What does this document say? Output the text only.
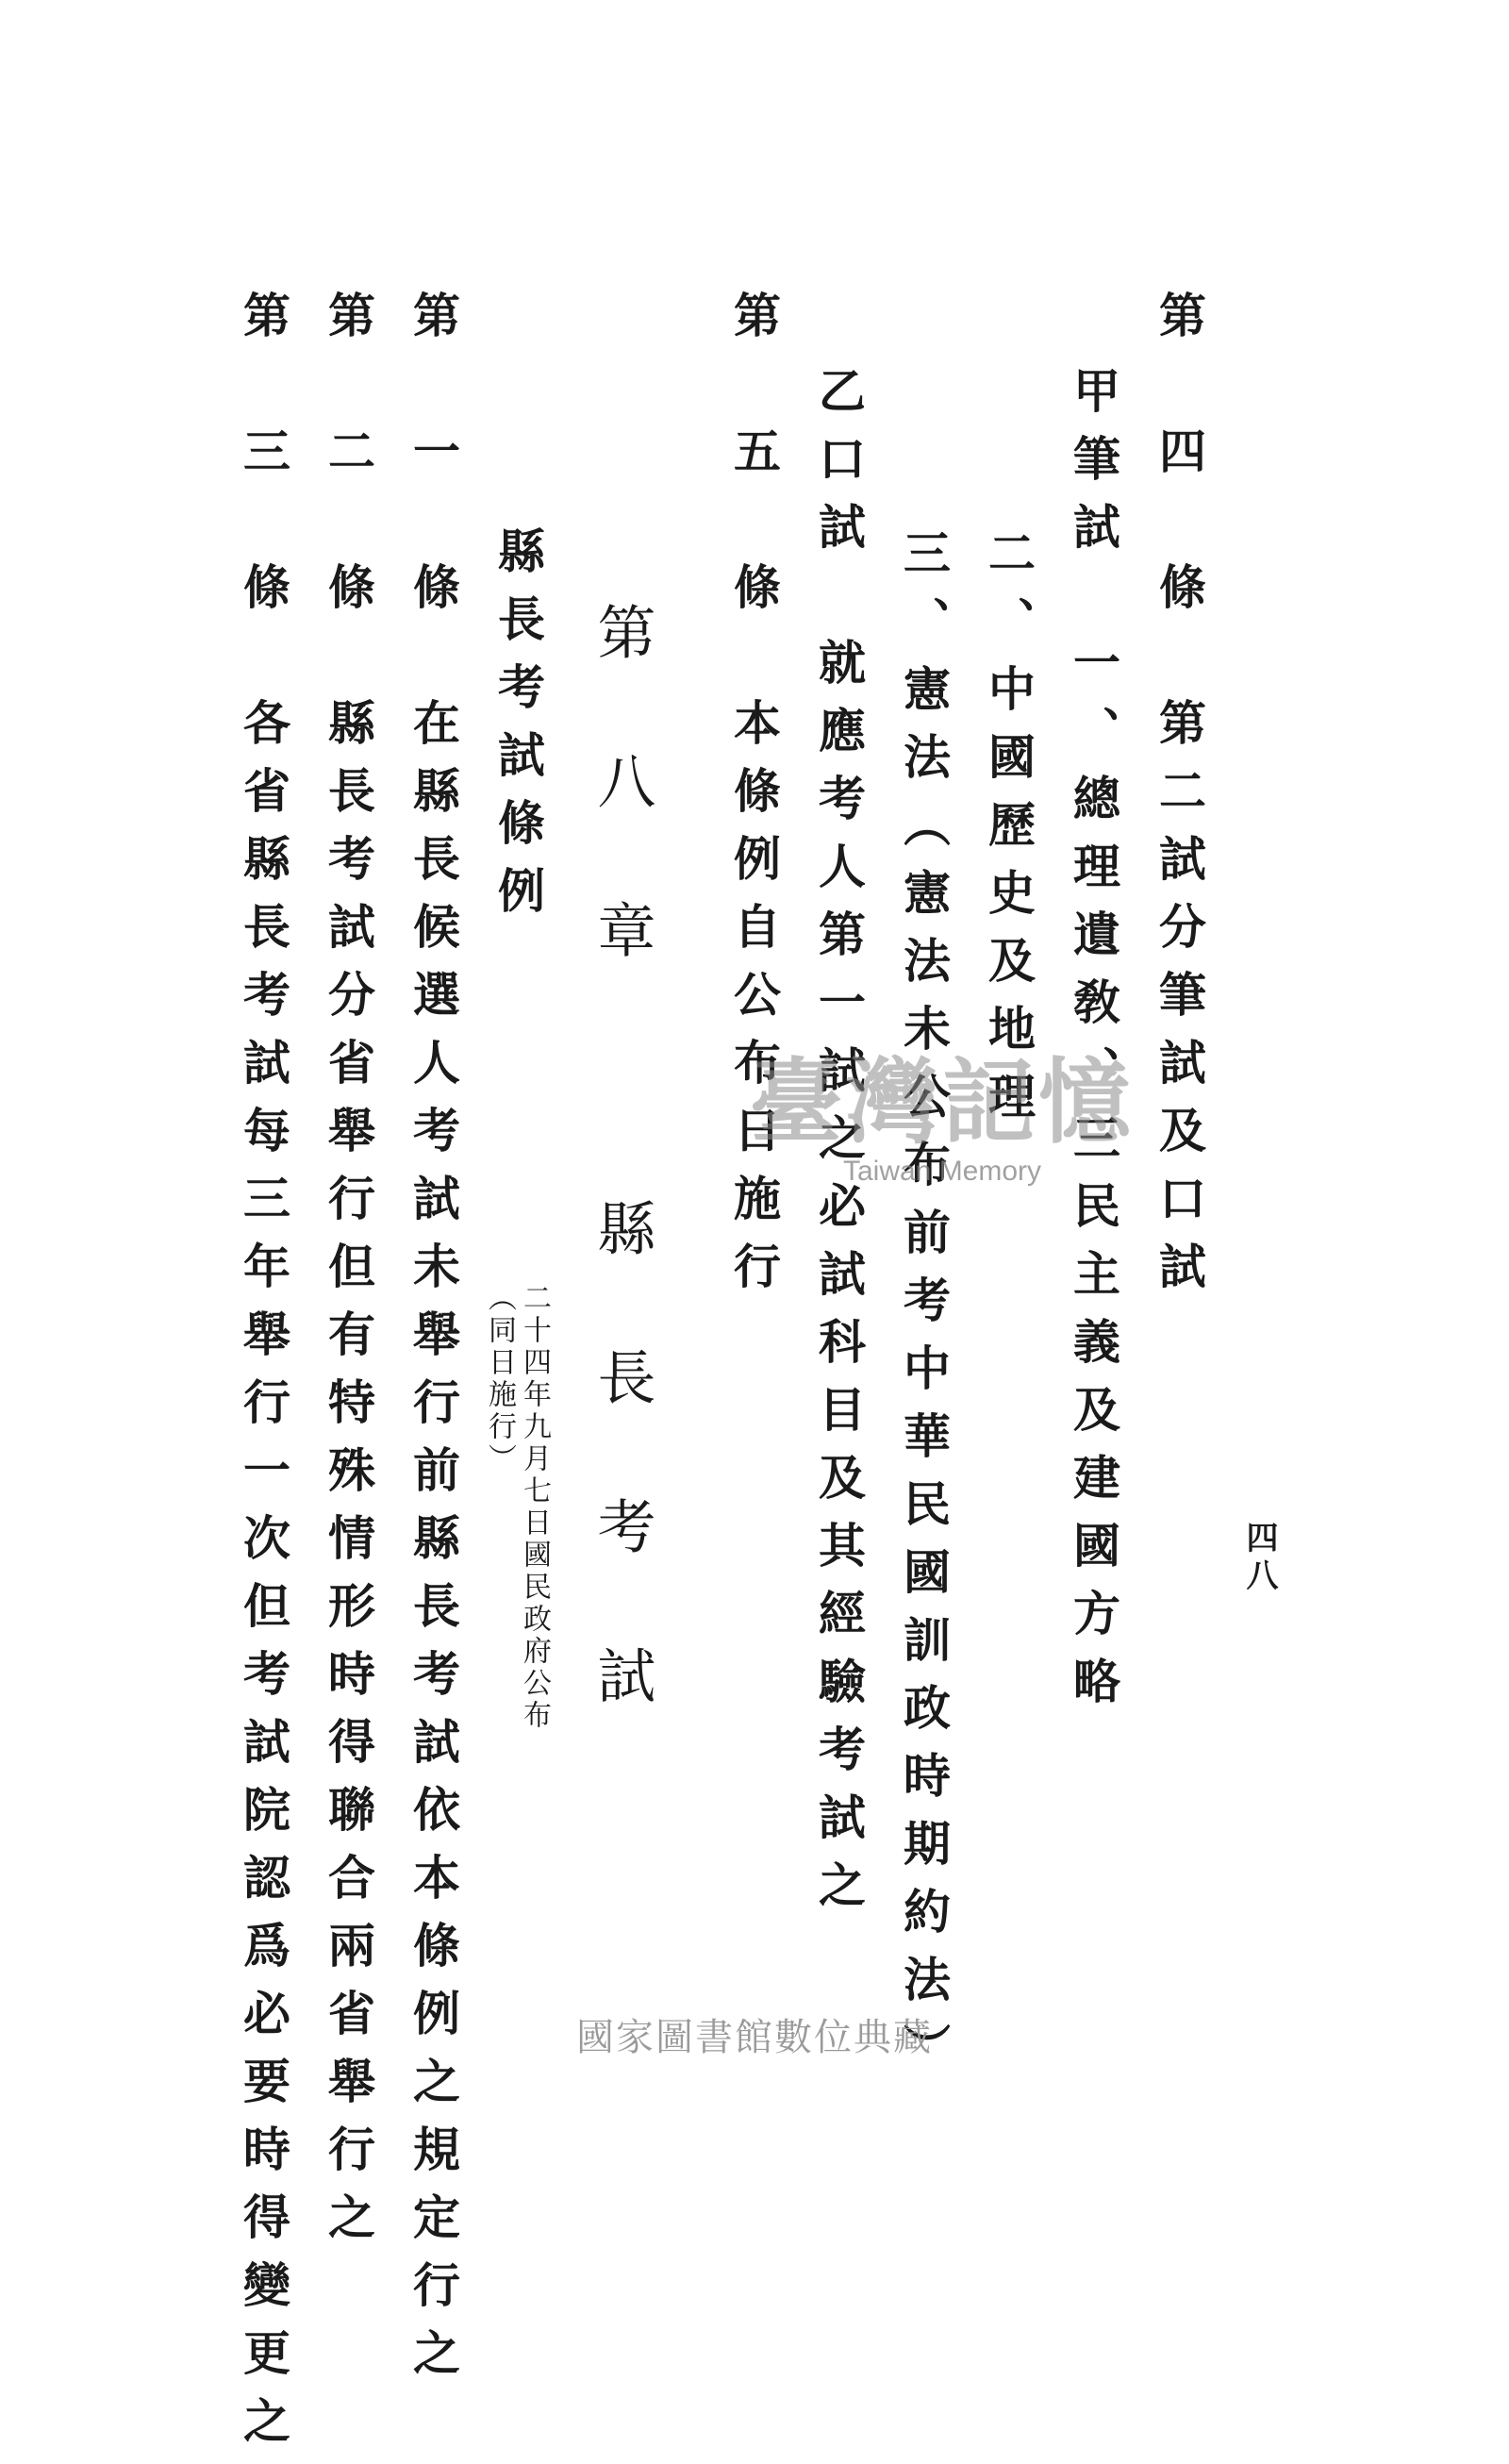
四八
第　四　條　第二試分筆試及口試
甲筆試　一、總理遺敎、三民主義及建國方略
二、中國歷史及地理
三、憲法（憲法未公布前考中華民國訓政時期約法）
乙口試　就應考人第一試之必試科目及其經驗考試之
第　五　條　本條例自公布日施行
第八章　縣長考試
二十四年九月七日國民政府公布
（同日施行）
縣長考試條例
第　一　條　在縣長候選人考試未舉行前縣長考試依本條例之規定行之
第　二　條　縣長考試分省舉行但有特殊情形時得聯合兩省舉行之
第　三　條　各省縣長考試每三年舉行一次但考試院認爲必要時得變更之	臺灣記憶
Taiwan Memory
國家圖書館數位典藏
